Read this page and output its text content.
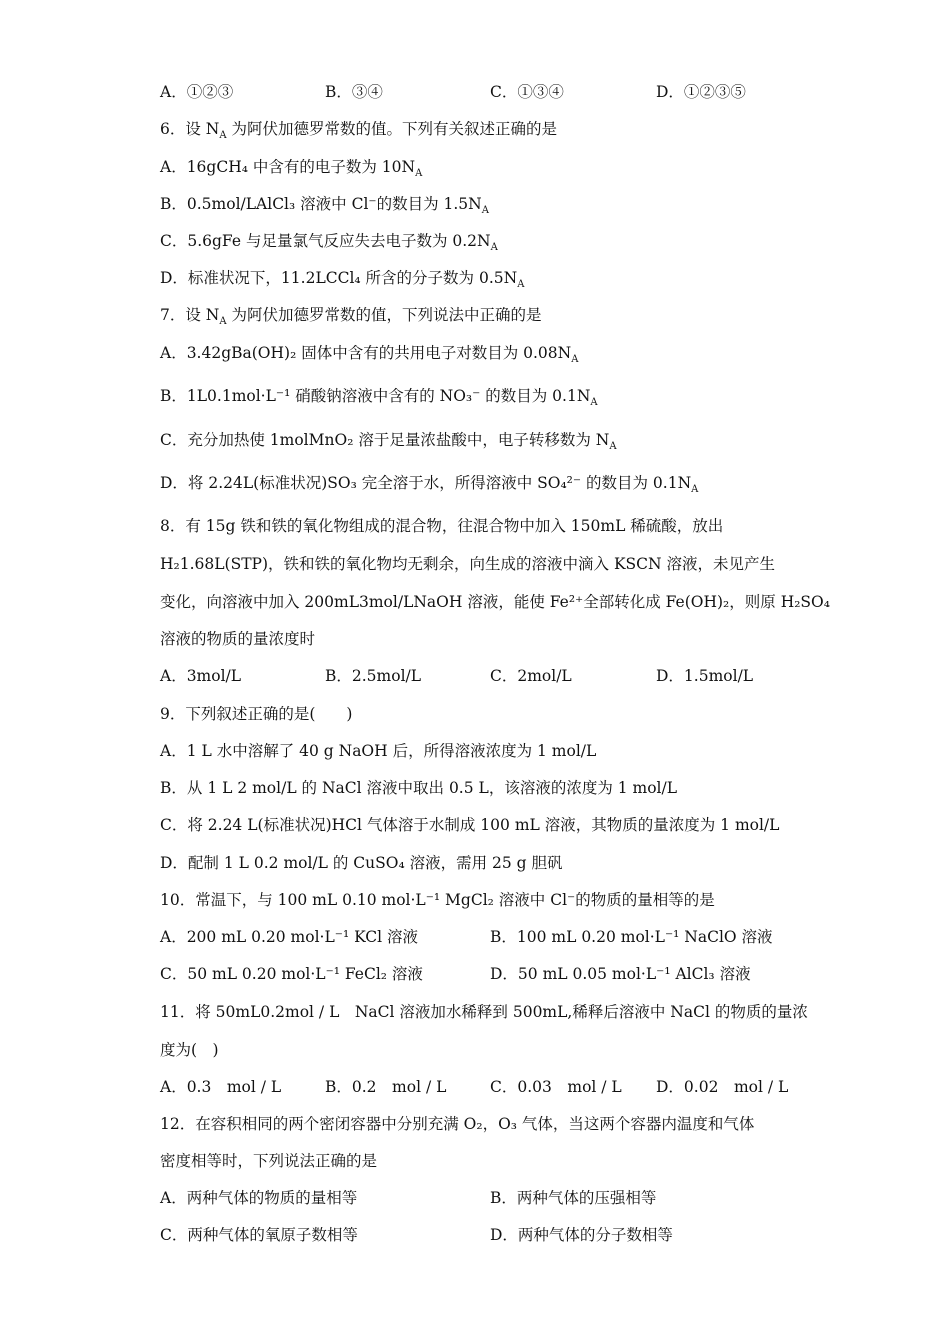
A．①②③	B．③④	C．①③④	D．①②③⑤
6．设 $N_A$ 为阿伏加德罗常数的值。下列有关叙述正确的是
A．16gCH₄ 中含有的电子数为 $10N_A$
B．0.5mol/LAlCl₃ 溶液中 Cl⁻的数目为 $1.5N_A$
C．5.6gFe 与足量氯气反应失去电子数为 $0.2N_A$
D．标准状况下，11.2LCCl₄ 所含的分子数为 $0.5N_A$
7．设 $N_A$ 为阿伏加德罗常数的值，下列说法中正确的是
A．3.42gBa(OH)₂ 固体中含有的共用电子对数目为 $0.08N_A$
B．1L0.1mol·L⁻¹ 硝酸钠溶液中含有的 NO₃⁻ 的数目为 $0.1N_A$
C．充分加热使 1molMnO₂ 溶于足量浓盐酸中，电子转移数为 $N_A$
D．将 2.24L(标准状况)SO₃ 完全溶于水，所得溶液中 SO₄²⁻ 的数目为 $0.1N_A$
8．有 15g 铁和铁的氧化物组成的混合物，往混合物中加入 150mL 稀硫酸，放出
H₂1.68L(STP)，铁和铁的氧化物均无剩余，向生成的溶液中滴入 KSCN 溶液，未见产生
变化，向溶液中加入 200mL3mol/LNaOH 溶液，能使 Fe²⁺全部转化成 Fe(OH)₂，则原 H₂SO₄
溶液的物质的量浓度时
A．3mol/L	B．2.5mol/L	C．2mol/L	D．1.5mol/L
9．下列叙述正确的是(　　)
A．1 L 水中溶解了 40 g NaOH 后，所得溶液浓度为 1 mol/L
B．从 1 L 2 mol/L 的 NaCl 溶液中取出 0.5 L，该溶液的浓度为 1 mol/L
C．将 2.24 L(标准状况)HCl 气体溶于水制成 100 mL 溶液，其物质的量浓度为 1 mol/L
D．配制 1 L 0.2 mol/L 的 CuSO₄ 溶液，需用 25 g 胆矾
10．常温下，与 100 mL 0.10 mol·L⁻¹ MgCl₂ 溶液中 Cl⁻的物质的量相等的是
A．200 mL 0.20 mol·L⁻¹ KCl 溶液	B．100 mL 0.20 mol·L⁻¹ NaClO 溶液
C．50 mL 0.20 mol·L⁻¹ FeCl₂ 溶液	D．50 mL 0.05 mol·L⁻¹ AlCl₃ 溶液
11．将 50mL0.2mol / L　NaCl 溶液加水稀释到 500mL,稀释后溶液中 NaCl 的物质的量浓
度为(　)
A．0.3　mol / L	B．0.2　mol / L	C．0.03　mol / L D．0.02　mol / L
12．在容积相同的两个密闭容器中分别充满 O₂，O₃ 气体，当这两个容器内温度和气体
密度相等时，下列说法正确的是
A．两种气体的物质的量相等	B．两种气体的压强相等
C．两种气体的氧原子数相等	D．两种气体的分子数相等
